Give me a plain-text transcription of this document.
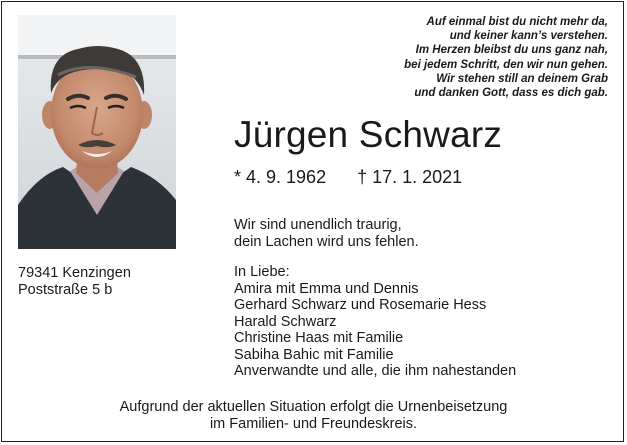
Auf einmal bist du nicht mehr da,
und keiner kann’s verstehen.
Im Herzen bleibst du uns ganz nah,
bei jedem Schritt, den wir nun gehen.
Wir stehen still an deinem Grab
und danken Gott, dass es dich gab.
Jürgen Schwarz
* 4. 9. 1962 † 17. 1. 2021
Wir sind unendlich traurig,
dein Lachen wird uns fehlen.
79341 Kenzingen
Poststraße 5 b
In Liebe:
Amira mit Emma und Dennis
Gerhard Schwarz und Rosemarie Hess
Harald Schwarz
Christine Haas mit Familie
Sabiha Bahic mit Familie
Anverwandte und alle, die ihm nahestanden
Aufgrund der aktuellen Situation erfolgt die Urnenbeisetzung
im Familien- und Freundeskreis.
